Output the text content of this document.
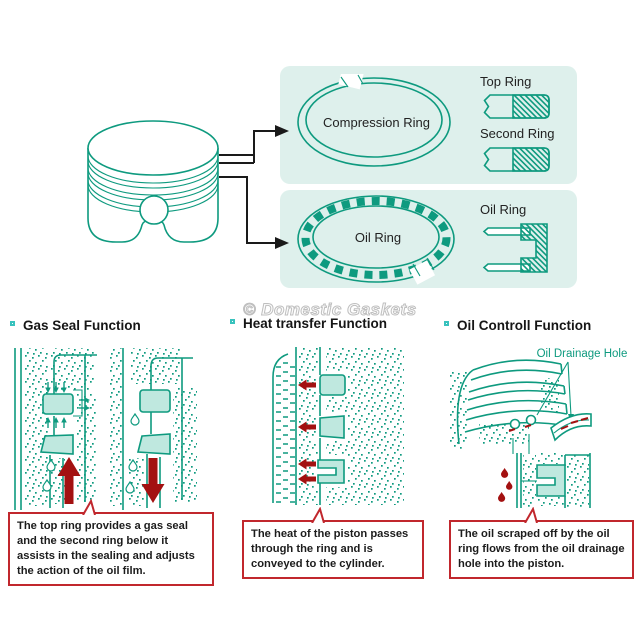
Compression Ring
Top Ring
Second Ring
Oil Ring
Oil Ring
© Domestic Gaskets
Gas Seal Function	Heat transfer Function	Oil Controll Function
Oil Drainage Hole
The top ring provides a gas seal and the second ring below it assists in the sealing and adjusts the action of the oil film.
The heat of the piston passes through the ring and is conveyed to the cylinder.
The oil scraped off by the oil ring flows from the oil drainage hole into the piston.
